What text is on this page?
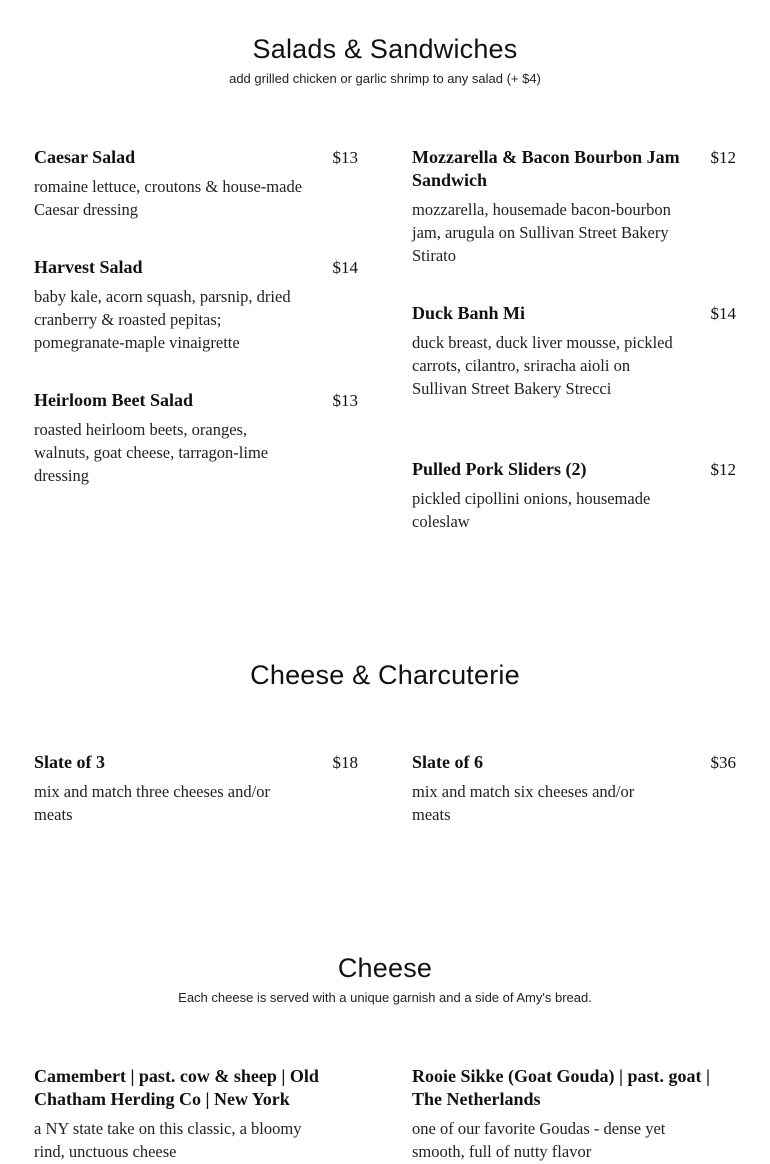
Salads & Sandwiches
add grilled chicken or garlic shrimp to any salad (+ $4)
Caesar Salad	$13
romaine lettuce, croutons & house-made Caesar dressing
Mozzarella & Bacon Bourbon Jam Sandwich
$12
mozzarella, housemade bacon-bourbon jam, arugula on Sullivan Street Bakery Stirato
Harvest Salad	$14
baby kale, acorn squash, parsnip, dried cranberry & roasted pepitas; pomegranate-maple vinaigrette
Duck Banh Mi	$14
duck breast, duck liver mousse, pickled carrots, cilantro, sriracha aioli on Sullivan Street Bakery Strecci
Heirloom Beet Salad	$13
roasted heirloom beets, oranges, walnuts, goat cheese, tarragon-lime dressing	Pulled Pork Sliders (2)	$12
pickled cipollini onions, housemade coleslaw
Cheese & Charcuterie
Slate of 3	$18
mix and match three cheeses and/or meats
Slate of 6	$36
mix and match six cheeses and/or meats
Cheese
Each cheese is served with a unique garnish and a side of Amy's bread.
Camembert | past. cow & sheep | Old Chatham Herding Co | New York
a NY state take on this classic, a bloomy rind, unctuous cheese
Rooie Sikke (Goat Gouda) | past. goat | The Netherlands
one of our favorite Goudas - dense yet smooth, full of nutty flavor
